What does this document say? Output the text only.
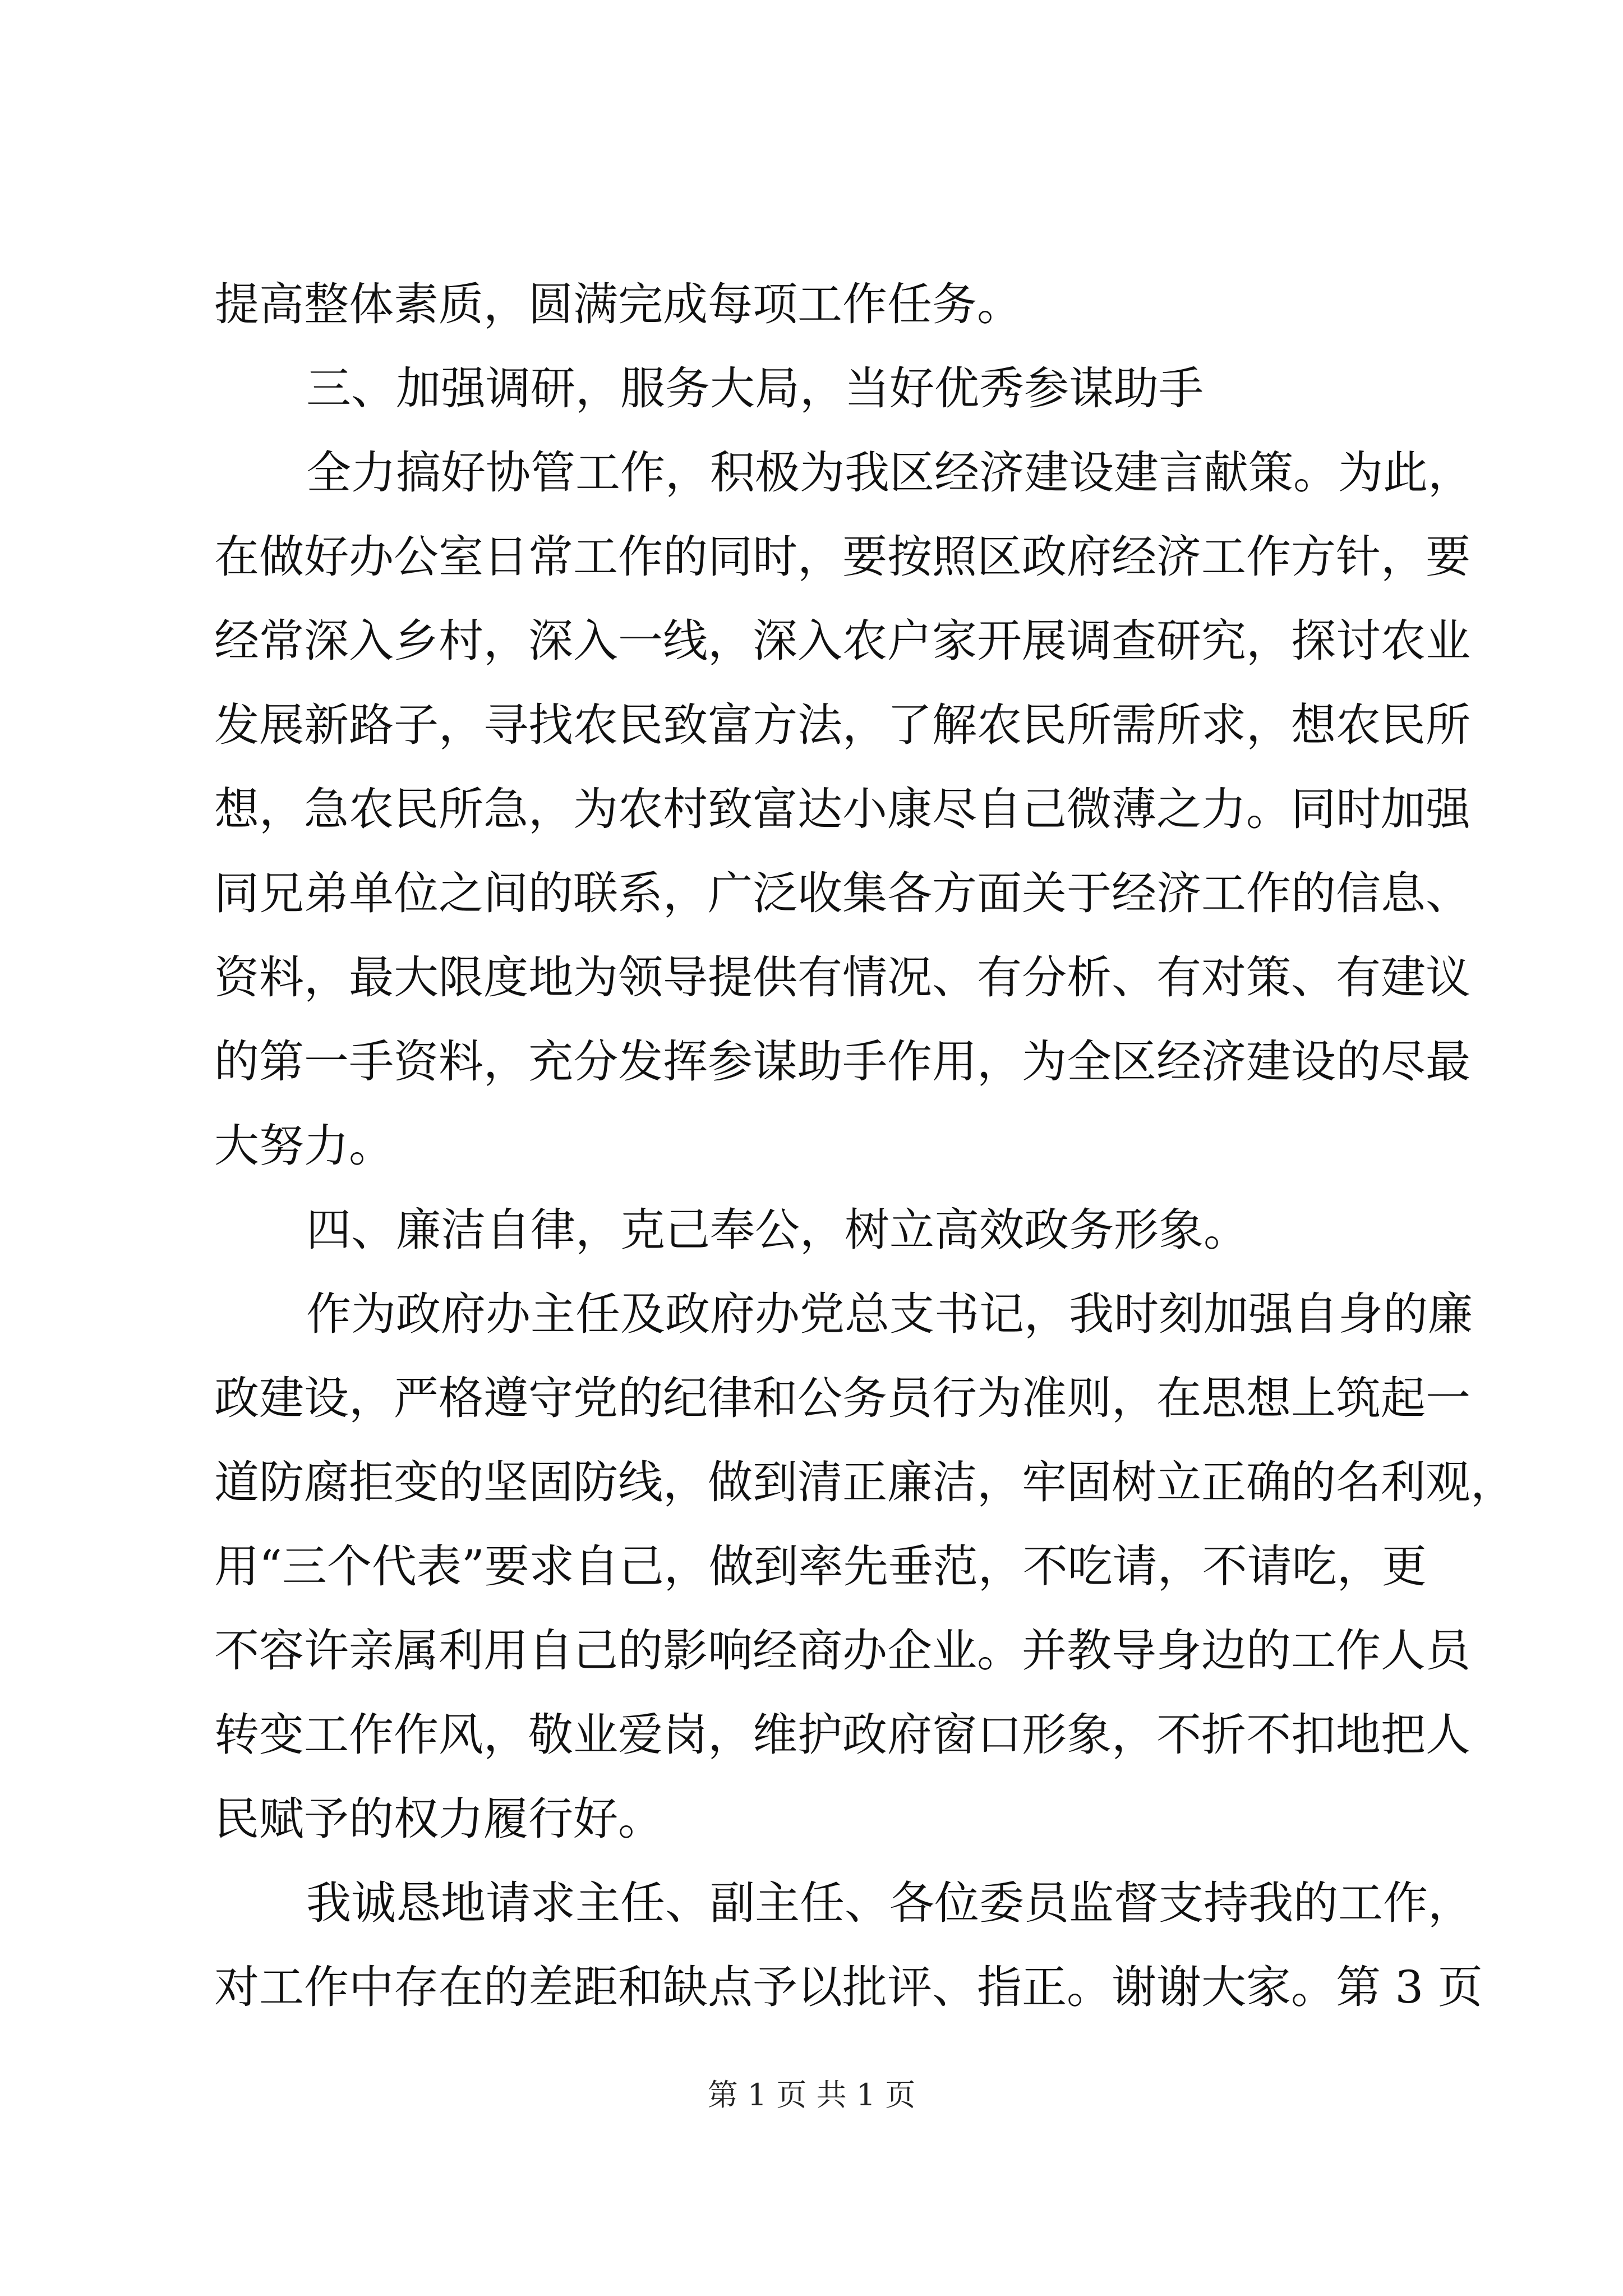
提高整体素质，圆满完成每项工作任务。
三、加强调研，服务大局，当好优秀参谋助手
全力搞好协管工作，积极为我区经济建设建言献策。为此，
在做好办公室日常工作的同时，要按照区政府经济工作方针，要
经常深入乡村，深入一线，深入农户家开展调查研究，探讨农业
发展新路子，寻找农民致富方法，了解农民所需所求，想农民所
想，急农民所急，为农村致富达小康尽自己微薄之力。同时加强
同兄弟单位之间的联系，广泛收集各方面关于经济工作的信息、
资料，最大限度地为领导提供有情况、有分析、有对策、有建议
的第一手资料，充分发挥参谋助手作用，为全区经济建设的尽最
大努力。
四、廉洁自律，克己奉公，树立高效政务形象。
作为政府办主任及政府办党总支书记，我时刻加强自身的廉
政建设，严格遵守党的纪律和公务员行为准则，在思想上筑起一
道防腐拒变的坚固防线，做到清正廉洁，牢固树立正确的名利观，
用“三个代表”要求自己，做到率先垂范，不吃请，不请吃，更
不容许亲属利用自己的影响经商办企业。并教导身边的工作人员
转变工作作风，敬业爱岗，维护政府窗口形象，不折不扣地把人
民赋予的权力履行好。
我诚恳地请求主任、副主任、各位委员监督支持我的工作，
对工作中存在的差距和缺点予以批评、指正。谢谢大家。第 3 页
第 1 页 共 1 页
